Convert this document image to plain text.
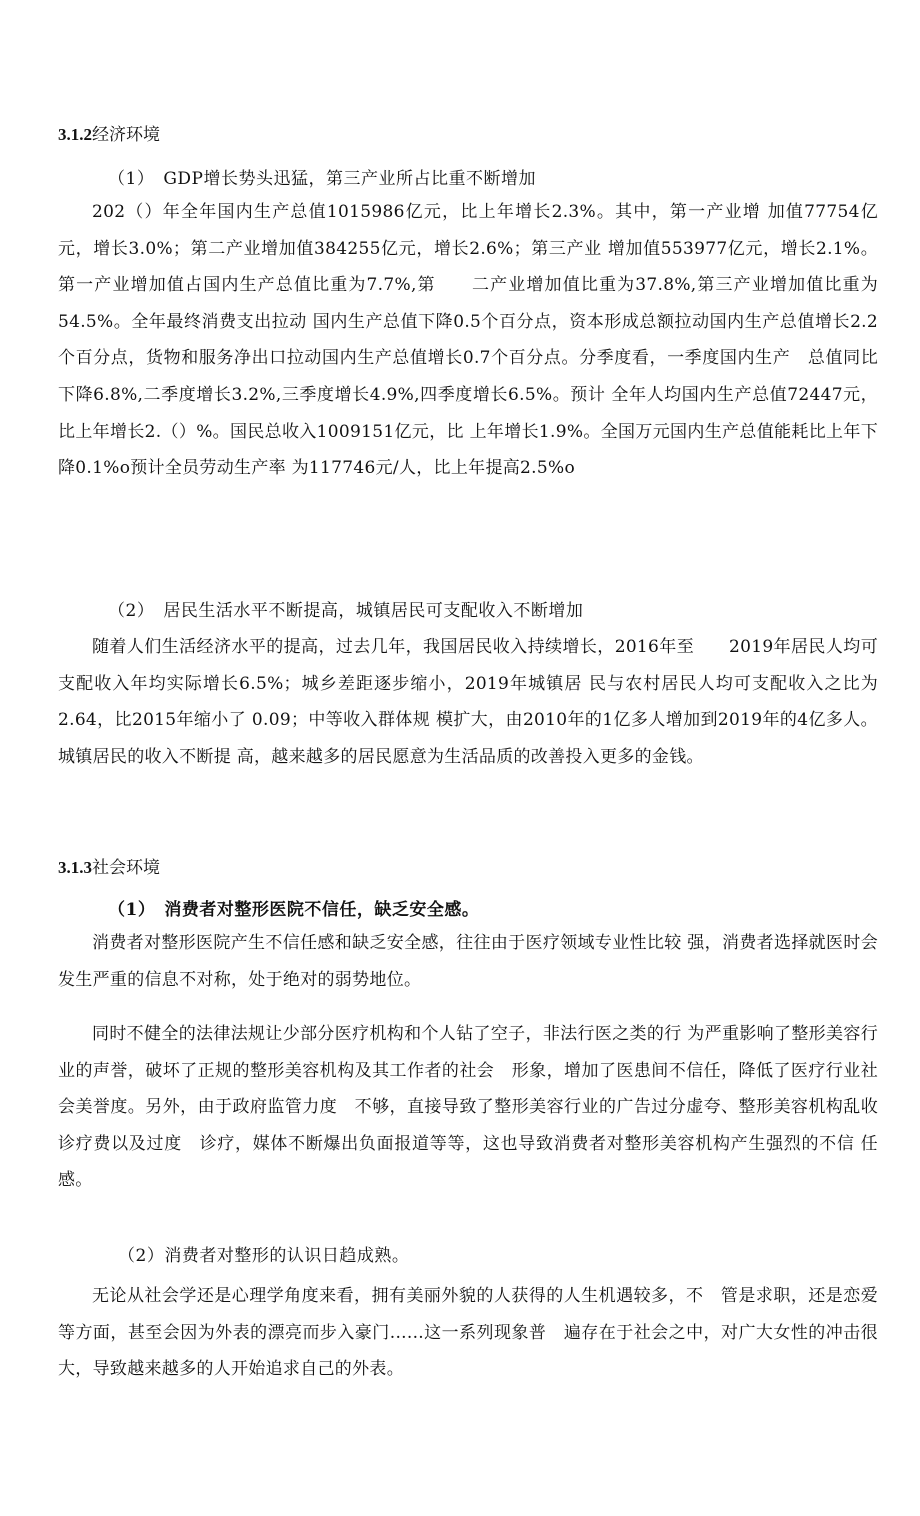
3.1.2经济环境
（1）　GDP增长势头迅猛，第三产业所占比重不断增加

202（）年全年国内生产总值1015986亿元，比上年增长2.3%。其中，第一产业增 加值77754亿元，增长3.0%；第二产业增加值384255亿元，增长2.6%；第三产业 增加值553977亿元，增长2.1%。第一产业增加值占国内生产总值比重为7.7%,第　　二产业增加值比重为37.8%,第三产业增加值比重为54.5%。全年最终消费支出拉动 国内生产总值下降0.5个百分点，资本形成总额拉动国内生产总值增长2.2个百分点，货物和服务净出口拉动国内生产总值增长0.7个百分点。分季度看，一季度国内生产　总值同比下降6.8%,二季度增长3.2%,三季度增长4.9%,四季度增长6.5%。预计 全年人均国内生产总值72447元，比上年增长2.（）%。国民总收入1009151亿元，比 上年增长1.9%。全国万元国内生产总值能耗比上年下降0.1%o预计全员劳动生产率 为117746元/人，比上年提高2.5%o

（2）　居民生活水平不断提高，城镇居民可支配收入不断增加

随着人们生活经济水平的提高，过去几年，我国居民收入持续增长，2016年至　　2019年居民人均可支配收入年均实际增长6.5%；城乡差距逐步缩小，2019年城镇居 民与农村居民人均可支配收入之比为2.64，比2015年缩小了 0.09；中等收入群体规 模扩大，由2010年的1亿多人增加到2019年的4亿多人。城镇居民的收入不断提 高，越来越多的居民愿意为生活品质的改善投入更多的金钱。

3.1.3社会环境
（1）　消费者对整形医院不信任，缺乏安全感。

消费者对整形医院产生不信任感和缺乏安全感，往往由于医疗领域专业性比较 强，消费者选择就医时会发生严重的信息不对称，处于绝对的弱势地位。

同时不健全的法律法规让少部分医疗机构和个人钻了空子，非法行医之类的行 为严重影响了整形美容行业的声誉，破坏了正规的整形美容机构及其工作者的社会　形象，增加了医患间不信任，降低了医疗行业社会美誉度。另外，由于政府监管力度　不够，直接导致了整形美容行业的广告过分虚夸、整形美容机构乱收诊疗费以及过度　诊疗，媒体不断爆出负面报道等等，这也导致消费者对整形美容机构产生强烈的不信 任感。

（2）消费者对整形的认识日趋成熟。

无论从社会学还是心理学角度来看，拥有美丽外貌的人获得的人生机遇较多，不　管是求职，还是恋爱等方面，甚至会因为外表的漂亮而步入豪门......这一系列现象普　遍存在于社会之中，对广大女性的冲击很大，导致越来越多的人开始追求自己的外表。
